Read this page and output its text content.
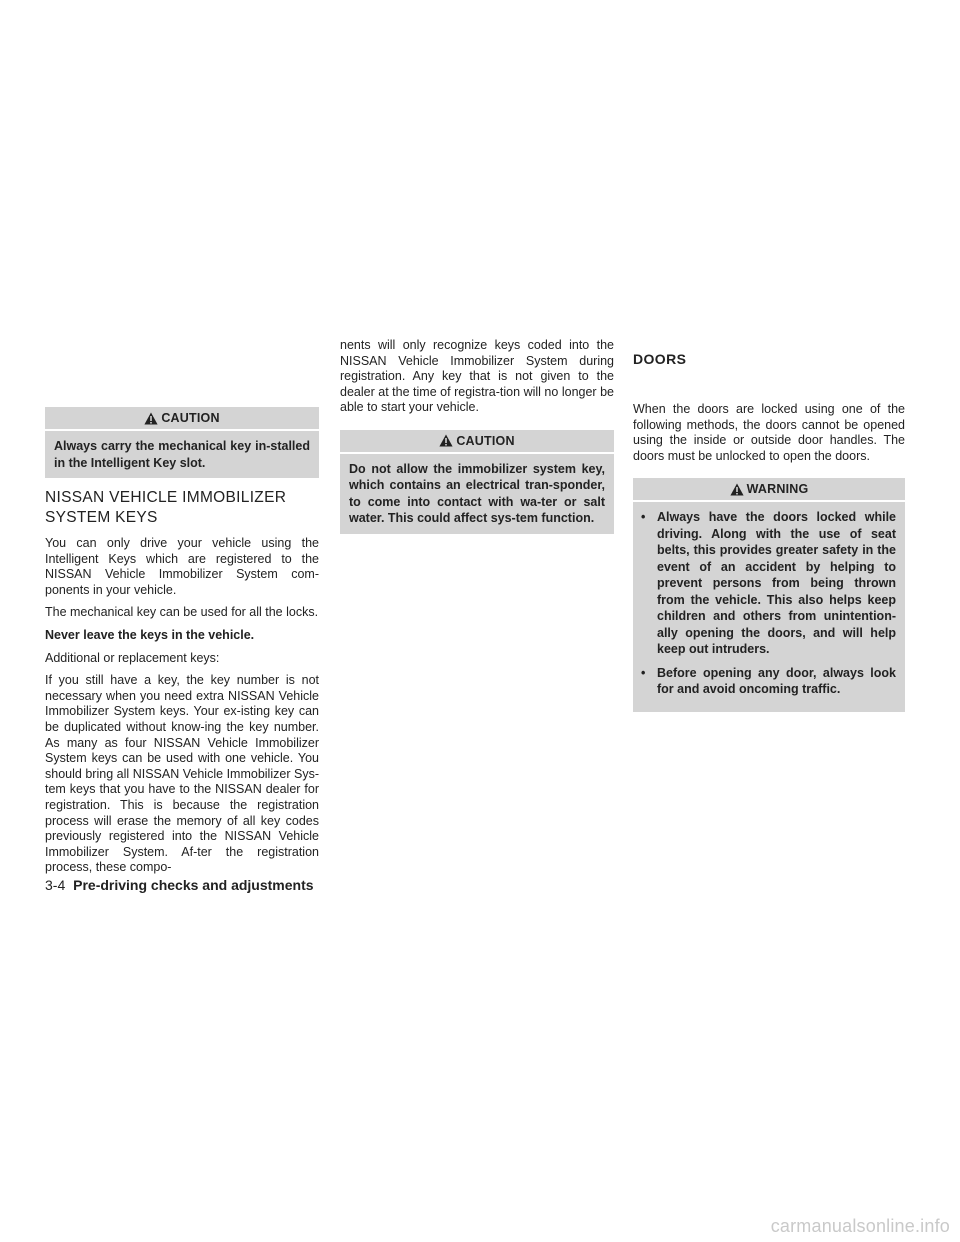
CAUTION
Always carry the mechanical key in-stalled in the Intelligent Key slot.
NISSAN VEHICLE IMMOBILIZER
SYSTEM KEYS

You can only drive your vehicle using the Intelligent Keys which are registered to the NISSAN Vehicle Immobilizer System com-ponents in your vehicle.

The mechanical key can be used for all the locks.

Never leave the keys in the vehicle.

Additional or replacement keys:

If you still have a key, the key number is not necessary when you need extra NISSAN Vehicle Immobilizer System keys. Your ex-isting key can be duplicated without know-ing the key number. As many as four NISSAN Vehicle Immobilizer System keys can be used with one vehicle. You should bring all NISSAN Vehicle Immobilizer Sys-tem keys that you have to the NISSAN dealer for registration. This is because the registration process will erase the memory of all key codes previously registered into the NISSAN Vehicle Immobilizer System. Af-ter the registration process, these compo-

nents will only recognize keys coded into the NISSAN Vehicle Immobilizer System during registration. Any key that is not given to the dealer at the time of registra-tion will no longer be able to start your vehicle.

CAUTION
Do not allow the immobilizer system key, which contains an electrical tran-sponder, to come into contact with wa-ter or salt water. This could affect sys-tem function.
DOORS

When the doors are locked using one of the following methods, the doors cannot be opened using the inside or outside door handles. The doors must be unlocked to open the doors.

WARNING
• Always have the doors locked while driving. Along with the use of seat belts, this provides greater safety in the event of an accident by helping to prevent persons from being thrown from the vehicle. This also helps keep children and others from unintention-ally opening the doors, and will help keep out intruders.
• Before opening any door, always look for and avoid oncoming traffic.
3-4 Pre-driving checks and adjustments
carmanualsonline.info
